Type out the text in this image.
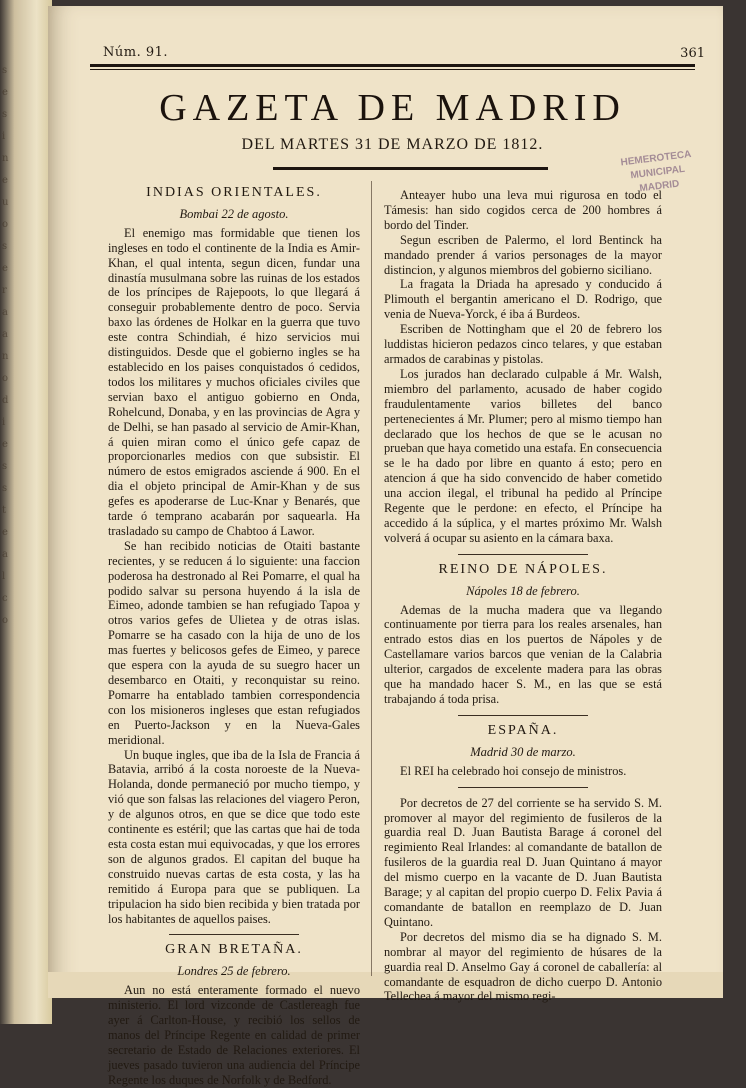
s
e
s
i
n
e
u
o
s
e
r
a
a
n
o
d
i
e
s
s
t
e
a
l
c
o
Núm. 91.	361
GAZETA DE MADRID
DEL MARTES 31 DE MARZO DE 1812.
HEMEROTECA
MUNICIPAL
MADRID
INDIAS ORIENTALES.
Bombai 22 de agosto.

El enemigo mas formidable que tienen los ingleses en todo el continente de la India es Amir-Khan, el qual intenta, segun dicen, fundar una dinastía musulmana sobre las ruinas de los estados de los príncipes de Rajepoots, lo que llegará á conseguir probablemente dentro de poco. Servia baxo las órdenes de Holkar en la guerra que tuvo este contra Schindiah, é hizo servicios mui distinguidos. Desde que el gobierno ingles se ha establecido en los paises conquistados ó cedidos, todos los militares y muchos oficiales civiles que servian baxo el antiguo gobierno en Onda, Rohelcund, Donaba, y en las provincias de Agra y de Delhi, se han pasado al servicio de Amir-Khan, á quien miran como el único gefe capaz de proporcionarles medios con que subsistir. El número de estos emigrados asciende á 900. En el dia el objeto principal de Amir-Khan y de sus gefes es apoderarse de Luc-Knar y Benarés, que tarde ó temprano acabarán por saquearla. Ha trasladado su campo de Chabtoo á Lawor.

Se han recibido noticias de Otaiti bastante recientes, y se reducen á lo siguiente: una faccion poderosa ha destronado al Rei Pomarre, el qual ha podido salvar su persona huyendo á la isla de Eimeo, adonde tambien se han refugiado Tapoa y otros varios gefes de Ulietea y de otras islas. Pomarre se ha casado con la hija de uno de los mas fuertes y belicosos gefes de Eimeo, y parece que espera con la ayuda de su suegro hacer un desembarco en Otaiti, y reconquistar su reino. Pomarre ha entablado tambien correspondencia con los misioneros ingleses que estan refugiados en Puerto-Jackson y en la Nueva-Gales meridional.

Un buque ingles, que iba de la Isla de Francia á Batavia, arribó á la costa noroeste de la Nueva-Holanda, donde permaneció por mucho tiempo, y vió que son falsas las relaciones del viagero Peron, y de algunos otros, en que se dice que todo este continente es estéril; que las cartas que hai de toda esta costa estan mui equivocadas, y que los errores son de algunos grados. El capitan del buque ha construido nuevas cartas de esta costa, y las ha remitido á Europa para que se publiquen. La tripulacion ha sido bien recibida y bien tratada por los habitantes de aquellos paises.

GRAN BRETAÑA.
Londres 25 de febrero.

Aun no está enteramente formado el nuevo ministerio. El lord vizconde de Castlereagh fue ayer á Carlton-House, y recibió los sellos de manos del Príncipe Regente en calidad de primer secretario de Estado de Relaciones exteriores. El jueves pasado tuvieron una audiencia del Príncipe Regente los duques de Norfolk y de Bedford.

Anteayer hubo una leva mui rigurosa en todo el Támesis: han sido cogidos cerca de 200 hombres á bordo del Tinder.

Segun escriben de Palermo, el lord Bentinck ha mandado prender á varios personages de la mayor distincion, y algunos miembros del gobierno siciliano.

La fragata la Driada ha apresado y conducido á Plimouth el bergantin americano el D. Rodrigo, que venia de Nueva-Yorck, é iba á Burdeos.

Escriben de Nottingham que el 20 de febrero los luddistas hicieron pedazos cinco telares, y que estaban armados de carabinas y pistolas.

Los jurados han declarado culpable á Mr. Walsh, miembro del parlamento, acusado de haber cogido fraudulentamente varios billetes del banco pertenecientes á Mr. Plumer; pero al mismo tiempo han declarado que los hechos de que se le acusan no prueban que haya cometido una estafa. En consecuencia se le ha dado por libre en quanto á esto; pero en atencion á que ha sido convencido de haber cometido una accion ilegal, el tribunal ha pedido al Príncipe Regente que le perdone: en efecto, el Príncipe ha accedido á la súplica, y el martes próximo Mr. Walsh volverá á ocupar su asiento en la cámara baxa.

REINO DE NÁPOLES.
Nápoles 18 de febrero.

Ademas de la mucha madera que va llegando continuamente por tierra para los reales arsenales, han entrado estos dias en los puertos de Nápoles y de Castellamare varios barcos que venian de la Calabria ulterior, cargados de excelente madera para las obras que ha mandado hacer S. M., en las que se está trabajando á toda prisa.

ESPAÑA.
Madrid 30 de marzo.

El REI ha celebrado hoi consejo de ministros.

Por decretos de 27 del corriente se ha servido S. M. promover al mayor del regimiento de fusileros de la guardia real D. Juan Bautista Barage á coronel del regimiento Real Irlandes: al comandante de batallon de fusileros de la guardia real D. Juan Quintano á mayor del mismo cuerpo en la vacante de D. Juan Bautista Barage; y al capitan del propio cuerpo D. Felix Pavia á comandante de batallon en reemplazo de D. Juan Quintano.

Por decretos del mismo dia se ha dignado S. M. nombrar al mayor del regimiento de húsares de la guardia real D. Anselmo Gay á coronel de caballería: al comandante de esquadron de dicho cuerpo D. Antonio Tellechea á mayor del mismo regi-
